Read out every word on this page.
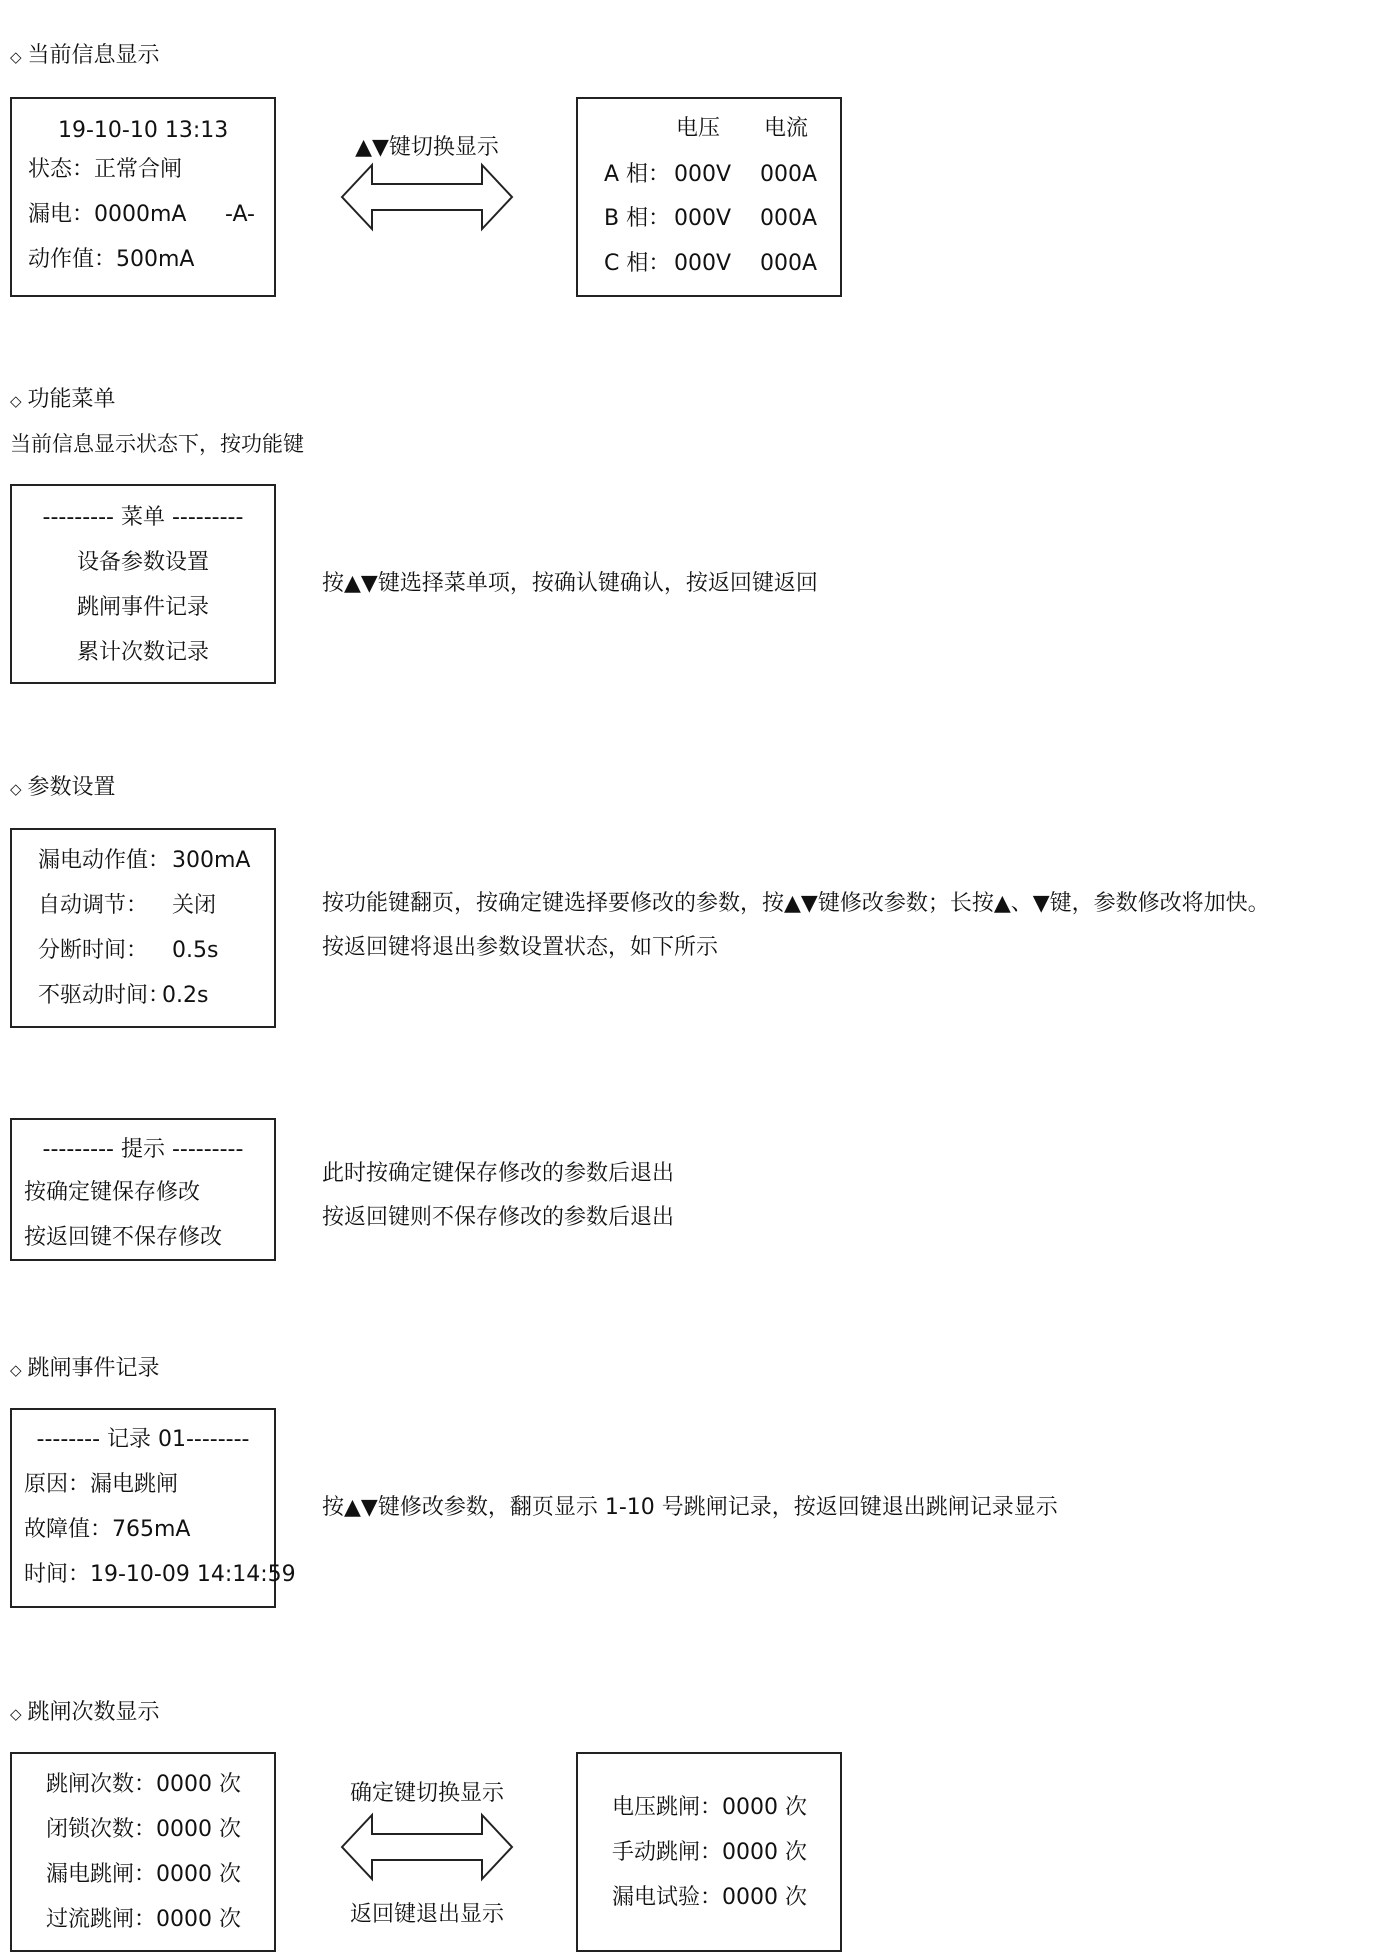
◇ 当前信息显示
19-10-10 13:13
状态：正常合闸
漏电：0000mA -A-
动作值：500mA
▲▼键切换显示
电压 电流
A 相： 000V 000A
B 相： 000V 000A
C 相： 000V 000A
◇ 功能菜单
当前信息显示状态下，按功能键
--------- 菜单 ---------
设备参数设置
跳闸事件记录
累计次数记录
按▲▼键选择菜单项，按确认键确认，按返回键返回
◇ 参数设置
漏电动作值： 300mA
自动调节： 关闭
分断时间： 0.5s
不驱动时间：
0.2s
按功能键翻页，按确定键选择要修改的参数，按▲▼键修改参数；长按▲、▼键，参数修改将加快。
按返回键将退出参数设置状态，如下所示
--------- 提示 ---------
按确定键保存修改
按返回键不保存修改
此时按确定键保存修改的参数后退出
按返回键则不保存修改的参数后退出
◇ 跳闸事件记录
-------- 记录 01--------
原因：漏电跳闸
故障值：765mA
时间：19-10-09 14:14:59
按▲▼键修改参数，翻页显示 1-10 号跳闸记录，按返回键退出跳闸记录显示
◇ 跳闸次数显示
跳闸次数：0000 次
闭锁次数：0000 次
漏电跳闸：0000 次
过流跳闸：0000 次
确定键切换显示
返回键退出显示
电压跳闸：0000 次
手动跳闸：0000 次
漏电试验：0000 次
